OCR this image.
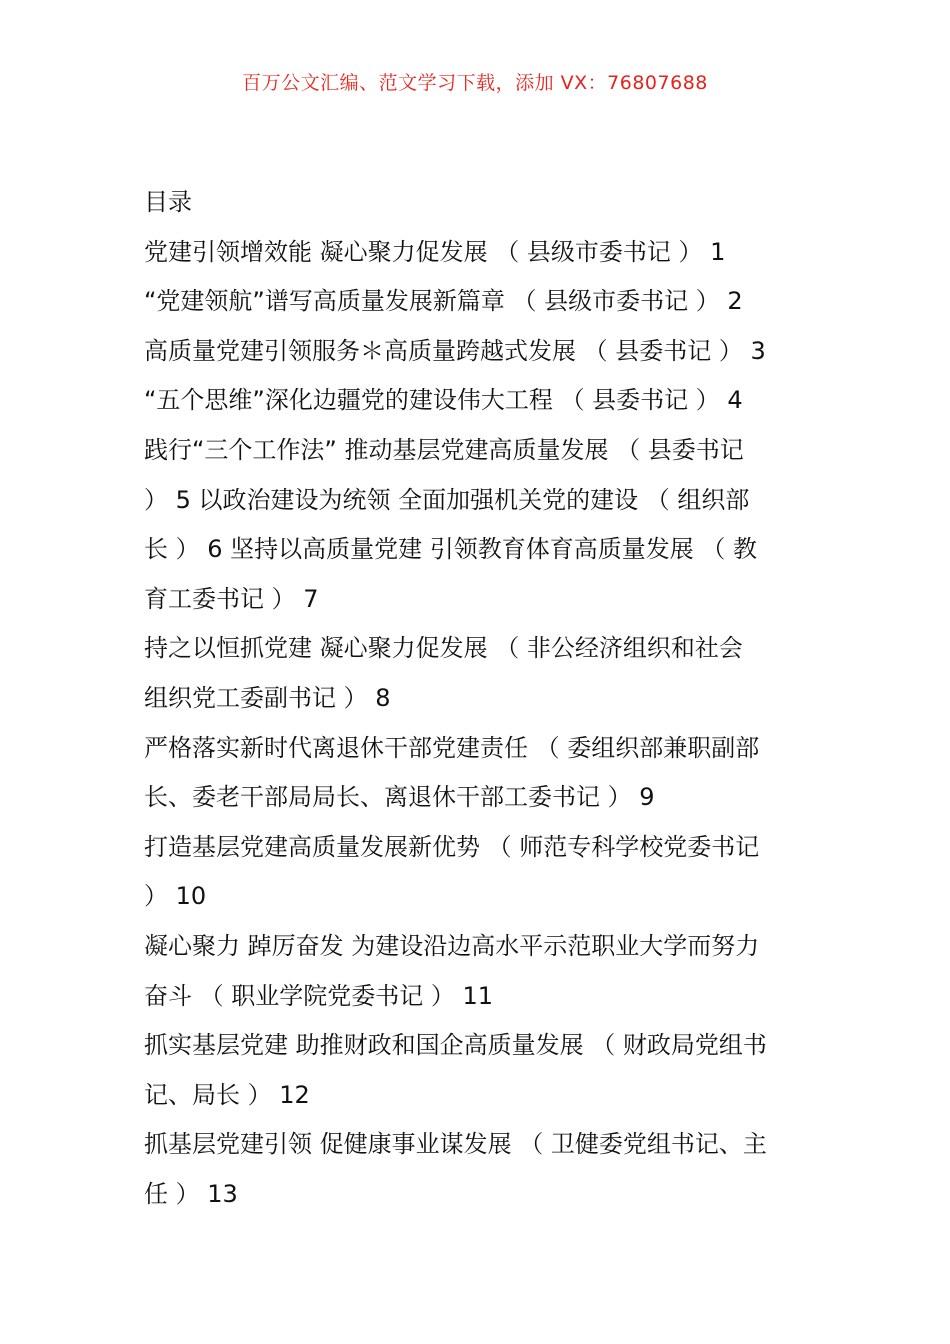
百万公文汇编、范文学习下载，添加 VX：76807688
目录
党建引领增效能 凝心聚力促发展 （ 县级市委书记 ） 1
“党建领航”谱写高质量发展新篇章 （ 县级市委书记 ） 2
高质量党建引领服务＊高质量跨越式发展 （ 县委书记 ） 3
“五个思维”深化边疆党的建设伟大工程 （ 县委书记 ） 4
践行“三个工作法” 推动基层党建高质量发展 （ 县委书记
） 5 以政治建设为统领 全面加强机关党的建设 （ 组织部
长 ） 6 坚持以高质量党建 引领教育体育高质量发展 （ 教
育工委书记 ） 7
持之以恒抓党建 凝心聚力促发展 （ 非公经济组织和社会
组织党工委副书记 ） 8
严格落实新时代离退休干部党建责任 （ 委组织部兼职副部
长、委老干部局局长、离退休干部工委书记 ） 9
打造基层党建高质量发展新优势 （ 师范专科学校党委书记
） 10
凝心聚力 踔厉奋发 为建设沿边高水平示范职业大学而努力
奋斗 （ 职业学院党委书记 ） 11
抓实基层党建 助推财政和国企高质量发展 （ 财政局党组书
记、局长 ） 12
抓基层党建引领 促健康事业谋发展 （ 卫健委党组书记、主
任 ） 13
